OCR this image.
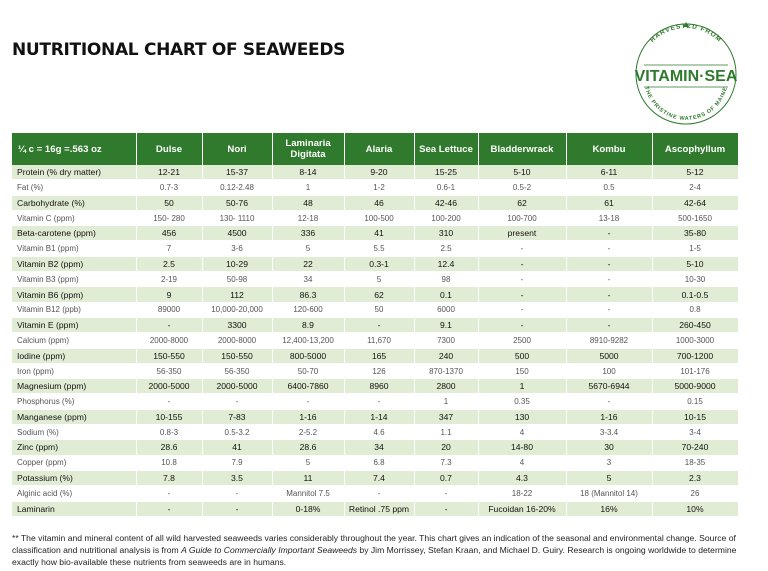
NUTRITIONAL CHART OF SEAWEEDS
HARVESTED FROM
VITAMIN·SEA
THE PRISTINE WATERS OF MAINE
¼ c = 16g =.563 oz	Dulse	Nori	Laminaria Digitata	Alaria	Sea Lettuce	Bladderwrack	Kombu	Ascophyllum
Protein (% dry matter)	12-21	15-37	8-14	9-20	15-25	5-10	6-11	5-12
Fat (%)	0.7-3	0.12-2.48	1	1-2	0.6-1	0.5-2	0.5	2-4
Carbohydrate (%)	50	50-76	48	46	42-46	62	61	42-64
Vitamin C (ppm)	150- 280	130- 1110	12-18	100-500	100-200	100-700	13-18	500-1650
Beta-carotene (ppm)	456	4500	336	41	310	present	-	35-80
Vitamin B1 (ppm)	7	3-6	5	5.5	2.5	-	-	1-5
Vitamin B2 (ppm)	2.5	10-29	22	0.3-1	12.4	-	-	5-10
Vitamin B3 (ppm)	2-19	50-98	34	5	98	-	-	10-30
Vitamin B6 (ppm)	9	112	86.3	62	0.1	-	-	0.1-0.5
Vitamin B12 (ppb)	89000	10,000-20,000	120-600	50	6000	-	-	0.8
Vitamin E (ppm)	-	3300	8.9	-	9.1	-	-	260-450
Calcium (ppm)	2000-8000	2000-8000	12,400-13,200	11,670	7300	2500	8910-9282	1000-3000
Iodine (ppm)	150-550	150-550	800-5000	165	240	500	5000	700-1200
Iron (ppm)	56-350	56-350	50-70	126	870-1370	150	100	101-176
Magnesium (ppm)	2000-5000	2000-5000	6400-7860	8960	2800	1	5670-6944	5000-9000
Phosphorus (%)	-	-	-	-	1	0.35	-	0.15
Manganese (ppm)	10-155	7-83	1-16	1-14	347	130	1-16	10-15
Sodium (%)	0.8-3	0.5-3.2	2-5.2	4.6	1.1	4	3-3.4	3-4
Zinc (ppm)	28.6	41	28.6	34	20	14-80	30	70-240
Copper (ppm)	10.8	7.9	5	6.8	7.3	4	3	18-35
Potassium (%)	7.8	3.5	11	7.4	0.7	4.3	5	2.3
Alginic acid (%)	-	-	Mannitol 7.5	-	-	18-22	18 (Mannitol 14)	26
Laminarin	-	-	0-18%	Retinol .75 ppm	-	Fucoidan 16-20%	16%	10%
** The vitamin and mineral content of all wild harvested seaweeds varies considerably throughout the year. This chart gives an indication of the seasonal and environmental change. Source of classification and nutritional analysis is from A Guide to Commercially Important Seaweeds by Jim Morrissey, Stefan Kraan, and Michael D. Guiry. Research is ongoing worldwide to determine exactly how bio-available these nutrients from seaweeds are in humans.
